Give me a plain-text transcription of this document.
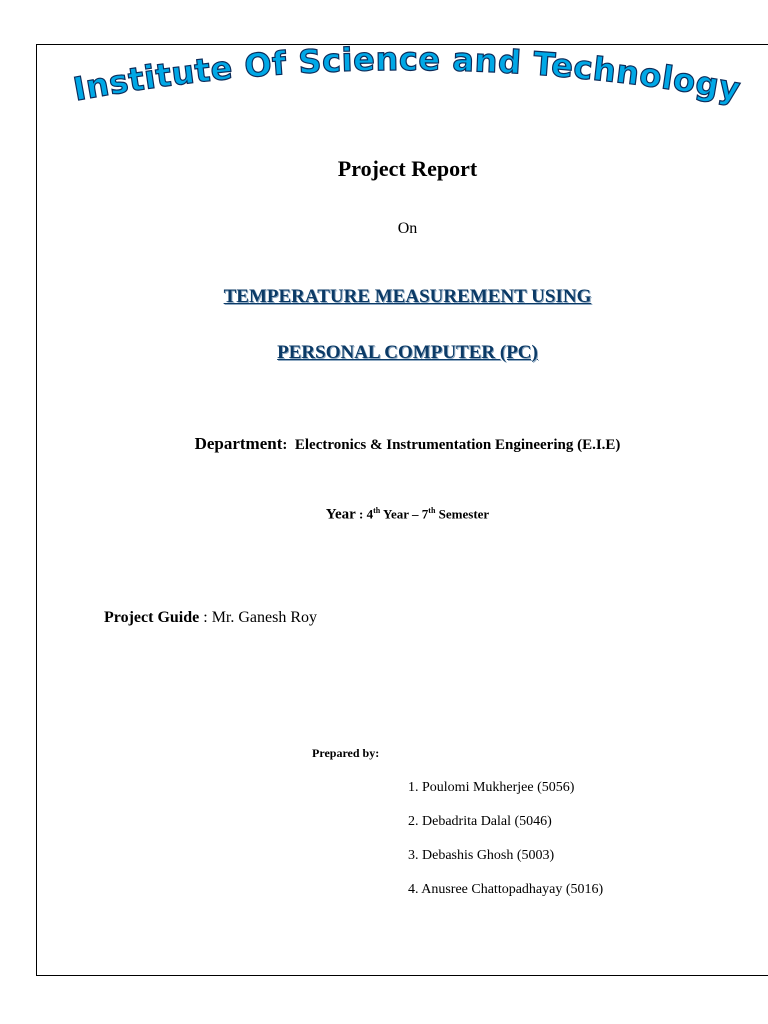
Institute Of Science and Technology
Project Report
On
TEMPERATURE MEASUREMENT USING
PERSONAL COMPUTER (PC)
Department:  Electronics & Instrumentation Engineering (E.I.E)
Year : 4th Year – 7th Semester
Project Guide : Mr. Ganesh Roy
Prepared by:
1. Poulomi Mukherjee (5056)
2. Debadrita Dalal (5046)
3. Debashis Ghosh (5003)
4. Anusree Chattopadhayay (5016)
